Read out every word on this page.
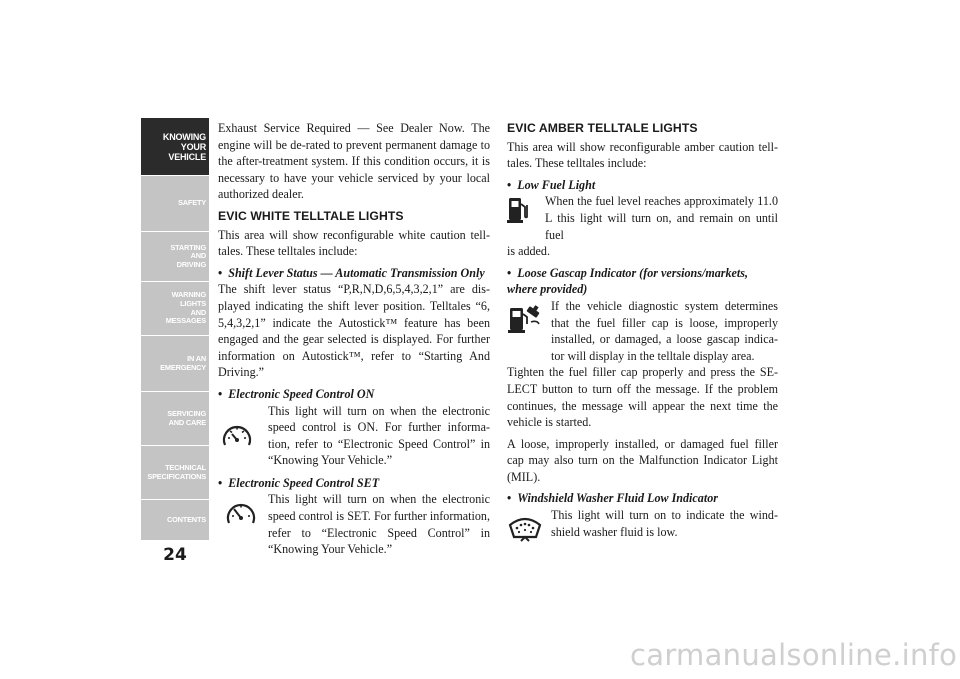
KNOWING
YOUR
VEHICLE
SAFETY
STARTING
AND
DRIVING
WARNING
LIGHTS
AND
MESSAGES
IN AN
EMERGENCY
SERVICING
AND CARE
TECHNICAL
SPECIFICATIONS
CONTENTS
24

Exhaust Service Required — See Dealer Now. The engine will be de-rated to prevent permanent damage to the after-treatment system. If this condition occurs, it is necessary to have your vehicle serviced by your local authorized dealer.

EVIC WHITE TELLTALE LIGHTS

This area will show reconfigurable white caution tell-tales. These telltales include:

• Shift Lever Status — Automatic Transmission Only

The shift lever status “P,R,N,D,6,5,4,3,2,1” are dis-played indicating the shift lever position. Telltales “6, 5,4,3,2,1” indicate the Autostick™ feature has been engaged and the gear selected is displayed. For further information on Autostick™, refer to “Starting And Driving.”

• Electronic Speed Control ON
This light will turn on when the electronic speed control is ON. For further informa-tion, refer to “Electronic Speed Control” in “Knowing Your Vehicle.”
• Electronic Speed Control SET
This light will turn on when the electronic speed control is SET. For further information, refer to “Electronic Speed Control” in “Knowing Your Vehicle.”
EVIC AMBER TELLTALE LIGHTS

This area will show reconfigurable amber caution tell-tales. These telltales include:

• Low Fuel Light
When the fuel level reaches approximately 11.0 L this light will turn on, and remain on until fuel

is added.

• Loose Gascap Indicator (for versions/markets, where provided)
If the vehicle diagnostic system determines that the fuel filler cap is loose, improperly installed, or damaged, a loose gascap indica-tor will display in the telltale display area.

Tighten the fuel filler cap properly and press the SE-LECT button to turn off the message. If the problem continues, the message will appear the next time the vehicle is started.

A loose, improperly installed, or damaged fuel filler cap may also turn on the Malfunction Indicator Light (MIL).

• Windshield Washer Fluid Low Indicator
This light will turn on to indicate the wind-shield washer fluid is low.
carmanualsonline.info
